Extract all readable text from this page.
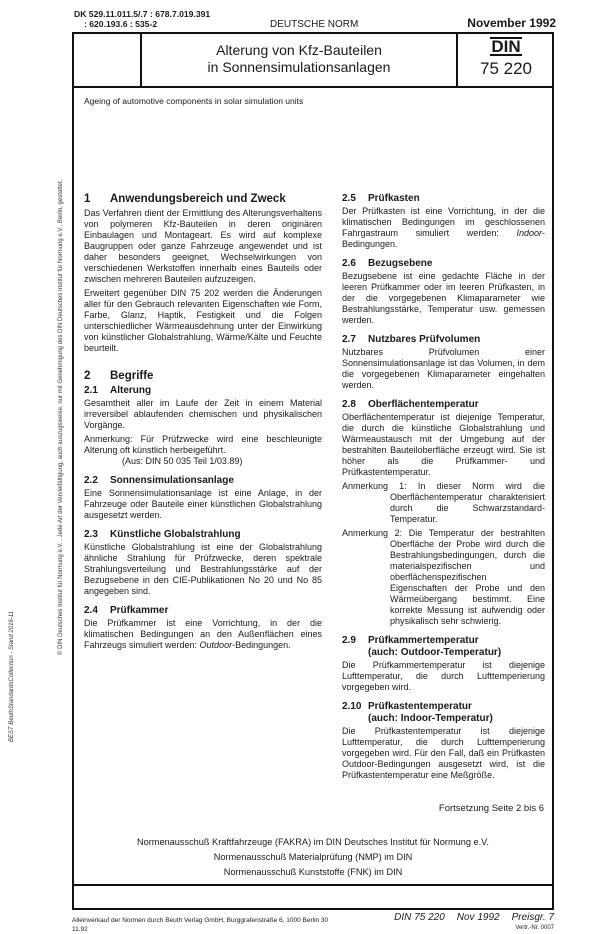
DK 529.11.011.5/.7 : 678.7.019.391
: 620.193.6 : 535-2	DEUTSCHE NORM	November 1992
Alterung von Kfz-Bauteilen
in Sonnensimulationsanlagen
DIN
75 220
Ageing of automotive components in solar simulation units
1 Anwendungsbereich und Zweck

Das Verfahren dient der Ermittlung des Alterungsverhaltens von polymeren Kfz-Bauteilen in deren originären Einbaulagen und Montageart. Es wird auf komplexe Baugruppen oder ganze Fahrzeuge angewendet und ist daher besonders geeignet, Wechselwirkungen von verschiedenen Werkstoffen innerhalb eines Bauteils oder zwischen mehreren Bauteilen aufzuzeigen.

Erweitert gegenüber DIN 75 202 werden die Änderungen aller für den Gebrauch relevanten Eigenschaften wie Form, Farbe, Glanz, Haptik, Festigkeit und die Folgen unterschiedlicher Wärmeausdehnung unter der Einwirkung von künstlicher Globalstrahlung, Wärme/Kälte und Feuchte beurteilt.

2 Begriffe
2.1 Alterung

Gesamtheit aller im Laufe der Zeit in einem Material irreversibel ablaufenden chemischen und physikalischen Vorgänge.

Anmerkung: Für Prüfzwecke wird eine beschleunigte Alterung oft künstlich herbeigeführt.
(Aus: DIN 50 035 Teil 1/03.89)
2.2 Sonnensimulationsanlage

Eine Sonnensimulationsanlage ist eine Anlage, in der Fahrzeuge oder Bauteile einer künstlichen Globalstrahlung ausgesetzt werden.

2.3 Künstliche Globalstrahlung

Künstliche Globalstrahlung ist eine der Globalstrahlung ähnliche Strahlung für Prüfzwecke, deren spektrale Strahlungsverteilung und Bestrahlungsstärke auf der Bezugsebene in den CIE-Publikationen No 20 und No 85 angegeben sind.

2.4 Prüfkammer

Die Prüfkammer ist eine Vorrichtung, in der die klimatischen Bedingungen an den Außenflächen eines Fahrzeugs simuliert werden: Outdoor-Bedingungen.

2.5 Prüfkasten

Der Prüfkasten ist eine Vorrichtung, in der die klimatischen Bedingungen im geschlossenen Fahrgastraum simuliert werden: Indoor-Bedingungen.

2.6 Bezugsebene

Bezugsebene ist eine gedachte Fläche in der leeren Prüfkammer oder im leeren Prüfkasten, in der die vorgegebenen Klimaparameter wie Bestrahlungsstärke, Temperatur usw. gemessen werden.

2.7 Nutzbares Prüfvolumen

Nutzbares Prüfvolumen einer Sonnensimulationsanlage ist das Volumen, in dem die vorgegebenen Klimaparameter eingehalten werden.

2.8 Oberflächentemperatur

Oberflächentemperatur ist diejenige Temperatur, die durch die künstliche Globalstrahlung und Wärmeaustausch mit der Umgebung auf der bestrahlten Bauteiloberfläche erzeugt wird. Sie ist höher als die Prüfkammer- und Prüfkastentemperatur.

Anmerkung 1: In dieser Norm wird die Oberflächentemperatur charakterisiert durch die Schwarzstandard-Temperatur.

Anmerkung 2: Die Temperatur der bestrahlten Oberfläche der Probe wird durch die Bestrahlungsbedingungen, durch die materialspezifischen und oberflächenspezifischen Eigenschaften der Probe und den Wärmeübergang bestimmt. Eine korrekte Messung ist aufwendig oder physikalisch sehr schwierig.

2.9 Prüfkammertemperatur
(auch: Outdoor-Temperatur)

Die Prüfkammertemperatur ist diejenige Lufttemperatur, die durch Lufttemperierung vorgegeben wird.

2.10 Prüfkastentemperatur
(auch: Indoor-Temperatur)

Die Prüfkastentemperatur ist diejenige Lufttemperatur, die durch Lufttemperierung vorgegeben wird. Für den Fall, daß ein Prüfkasten Outdoor-Bedingungen ausgesetzt wird, ist die Prüfkastentemperatur eine Meßgröße.

Fortsetzung Seite 2 bis 6
Normenausschuß Kraftfahrzeuge (FAKRA) im DIN Deutsches Institut für Normung e.V.
Normenausschuß Materialprüfung (NMP) im DIN
Normenausschuß Kunststoffe (FNK) im DIN
Alleinverkauf der Normen durch Beuth Verlag GmbH, Burggrafenstraße 6, 1000 Berlin 30
11.92
DIN 75 220 Nov 1992 Preisgr. 7
Vertr.-Nr. 0007
© DIN Deutsches Institut für Normung e.V. . Jede Art der Vervielfältigung, auch auszugsweise, nur mit Genehmigung des DIN Deutsches Institut für Normung e.V., Berlin, gestattet.
BEST BeuthStandardsCollection - Stand 2016-11
